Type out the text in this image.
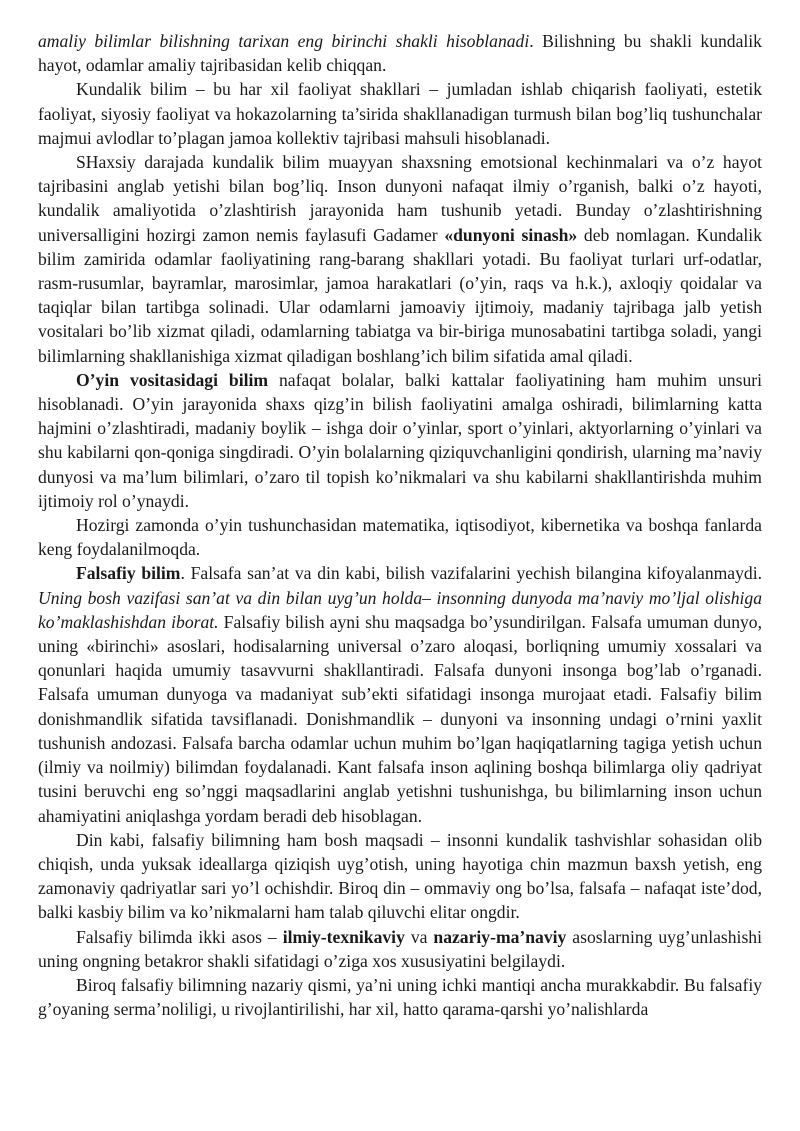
amaliy bilimlar bilishning tarixan eng birinchi shakli hisoblanadi. Bilishning bu shakli kundalik hayot, odamlar amaliy tajribasidan kelib chiqqan.

Kundalik bilim – bu har xil faoliyat shakllari – jumladan ishlab chiqarish faoliyati, estetik faoliyat, siyosiy faoliyat va hokazolarning ta’sirida shakllanadigan turmush bilan bog’liq tushunchalar majmui avlodlar to’plagan jamoa kollektiv tajribasi mahsuli hisoblanadi.

SHaxsiy darajada kundalik bilim muayyan shaxsning emotsional kechinmalari va o’z hayot tajribasini anglab yetishi bilan bog’liq. Inson dunyoni nafaqat ilmiy o’rganish, balki o’z hayoti, kundalik amaliyotida o’zlashtirish jarayonida ham tushunib yetadi. Bunday o’zlashtirishning universalligini hozirgi zamon nemis faylasufi Gadamer «dunyoni sinash» deb nomlagan. Kundalik bilim zamirida odamlar faoliyatining rang-barang shakllari yotadi. Bu faoliyat turlari urf-odatlar, rasm-rusumlar, bayramlar, marosimlar, jamoa harakatlari (o’yin, raqs va h.k.), axloqiy qoidalar va taqiqlar bilan tartibga solinadi. Ular odamlarni jamoaviy ijtimoiy, madaniy tajribaga jalb yetish vositalari bo’lib xizmat qiladi, odamlarning tabiatga va bir-biriga munosabatini tartibga soladi, yangi bilimlarning shakllanishiga xizmat qiladigan boshlang’ich bilim sifatida amal qiladi.

O’yin vositasidagi bilim nafaqat bolalar, balki kattalar faoliyatining ham muhim unsuri hisoblanadi. O’yin jarayonida shaxs qizg’in bilish faoliyatini amalga oshiradi, bilimlarning katta hajmini o’zlashtiradi, madaniy boylik – ishga doir o’yinlar, sport o’yinlari, aktyorlarning o’yinlari va shu kabilarni qon-qoniga singdiradi. O’yin bolalarning qiziquvchanligini qondirish, ularning ma’naviy dunyosi va ma’lum bilimlari, o’zaro til topish ko’nikmalari va shu kabilarni shakllantirishda muhim ijtimoiy rol o’ynaydi.

Hozirgi zamonda o’yin tushunchasidan matematika, iqtisodiyot, kibernetika va boshqa fanlarda keng foydalanilmoqda.

Falsafiy bilim. Falsafa san’at va din kabi, bilish vazifalarini yechish bilangina kifoyalanmaydi. Uning bosh vazifasi san’at va din bilan uyg’un holda– insonning dunyoda ma’naviy mo’ljal olishiga ko’maklashishdan iborat. Falsafiy bilish ayni shu maqsadga bo’ysundirilgan. Falsafa umuman dunyo, uning «birinchi» asoslari, hodisalarning universal o’zaro aloqasi, borliqning umumiy xossalari va qonunlari haqida umumiy tasavvurni shakllantiradi. Falsafa dunyoni insonga bog’lab o’rganadi. Falsafa umuman dunyoga va madaniyat sub’ekti sifatidagi insonga murojaat etadi. Falsafiy bilim donishmandlik sifatida tavsiflanadi. Donishmandlik – dunyoni va insonning undagi o’rnini yaxlit tushunish andozasi. Falsafa barcha odamlar uchun muhim bo’lgan haqiqatlarning tagiga yetish uchun (ilmiy va noilmiy) bilimdan foydalanadi. Kant falsafa inson aqlining boshqa bilimlarga oliy qadriyat tusini beruvchi eng so’nggi maqsadlarini anglab yetishni tushunishga, bu bilimlarning inson uchun ahamiyatini aniqlashga yordam beradi deb hisoblagan.

Din kabi, falsafiy bilimning ham bosh maqsadi – insonni kundalik tashvishlar sohasidan olib chiqish, unda yuksak ideallarga qiziqish uyg’otish, uning hayotiga chin mazmun baxsh yetish, eng zamonaviy qadriyatlar sari yo’l ochishdir. Biroq din – ommaviy ong bo’lsa, falsafa – nafaqat iste’dod, balki kasbiy bilim va ko’nikmalarni ham talab qiluvchi elitar ongdir.

Falsafiy bilimda ikki asos – ilmiy-texnikaviy va nazariy-ma’naviy asoslarning uyg’unlashishi uning ongning betakror shakli sifatidagi o’ziga xos xususiyatini belgilaydi.

Biroq falsafiy bilimning nazariy qismi, ya’ni uning ichki mantiqi ancha murakkabdir. Bu falsafiy g’oyaning serma’noliligi, u rivojlantirilishi, har xil, hatto qarama-qarshi yo’nalishlarda
